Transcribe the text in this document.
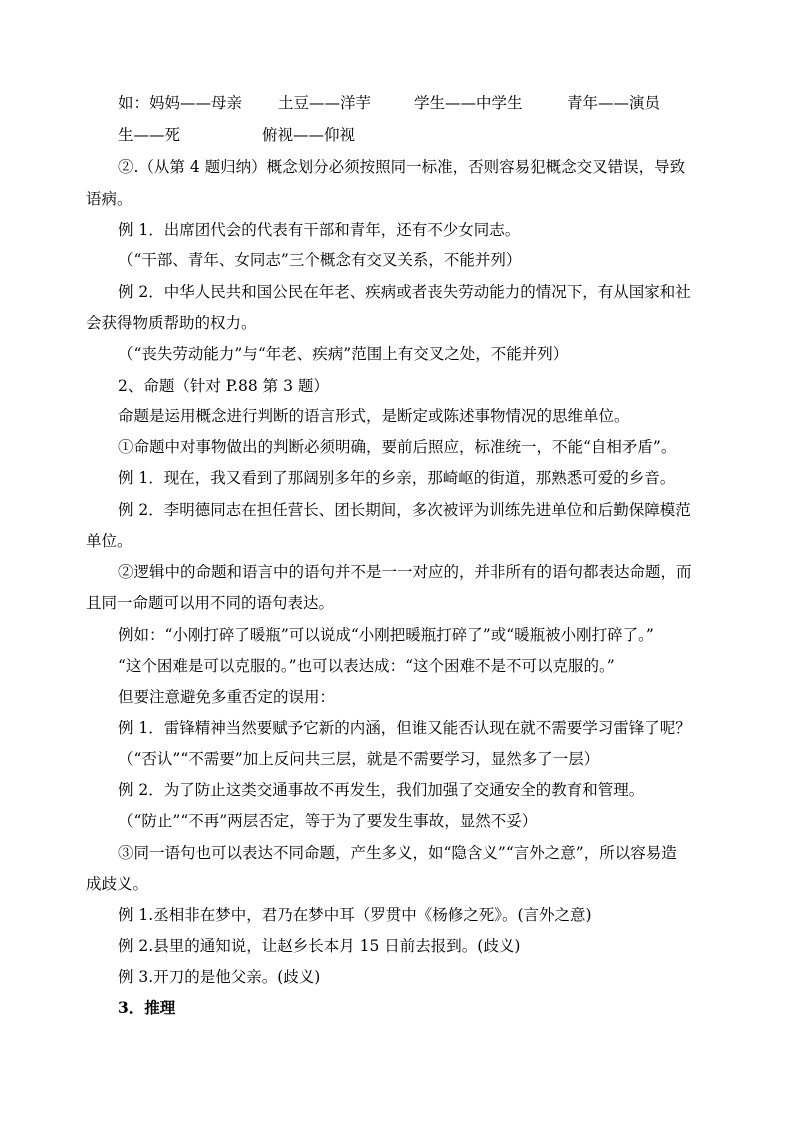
如：妈妈——母亲 土豆——洋芋	学生——中学生	青年——演员
生——死	俯视——仰视
②.（从第 4 题归纳）概念划分必须按照同一标准，否则容易犯概念交叉错误，导致
语病。
例 1．出席团代会的代表有干部和青年，还有不少女同志。
（“干部、青年、女同志”三个概念有交叉关系，不能并列）
例 2．中华人民共和国公民在年老、疾病或者丧失劳动能力的情况下，有从国家和社
会获得物质帮助的权力。
（“丧失劳动能力”与“年老、疾病”范围上有交叉之处，不能并列）
2、命题（针对 P.88 第 3 题）
命题是运用概念进行判断的语言形式，是断定或陈述事物情况的思维单位。
①命题中对事物做出的判断必须明确，要前后照应，标准统一，不能“自相矛盾”。
例 1．现在，我又看到了那阔别多年的乡亲，那崎岖的街道，那熟悉可爱的乡音。
例 2．李明德同志在担任营长、团长期间，多次被评为训练先进单位和后勤保障模范
单位。
②逻辑中的命题和语言中的语句并不是一一对应的，并非所有的语句都表达命题，而
且同一命题可以用不同的语句表达。
例如：“小刚打碎了暖瓶”可以说成“小刚把暖瓶打碎了”或“暖瓶被小刚打碎了。”
“这个困难是可以克服的。”也可以表达成：“这个困难不是不可以克服的。”
但要注意避免多重否定的误用：
例 1．雷锋精神当然要赋予它新的内涵，但谁又能否认现在就不需要学习雷锋了呢？
（“否认”“不需要”加上反问共三层，就是不需要学习，显然多了一层）
例 2．为了防止这类交通事故不再发生，我们加强了交通安全的教育和管理。
（“防止”“不再”两层否定，等于为了要发生事故，显然不妥）
③同一语句也可以表达不同命题，产生多义，如“隐含义”“言外之意”，所以容易造
成歧义。
例 1.丞相非在梦中，君乃在梦中耳（罗贯中《杨修之死》。(言外之意)
例 2.县里的通知说，让赵乡长本月 15 日前去报到。(歧义)
例 3.开刀的是他父亲。(歧义)
3．推理
